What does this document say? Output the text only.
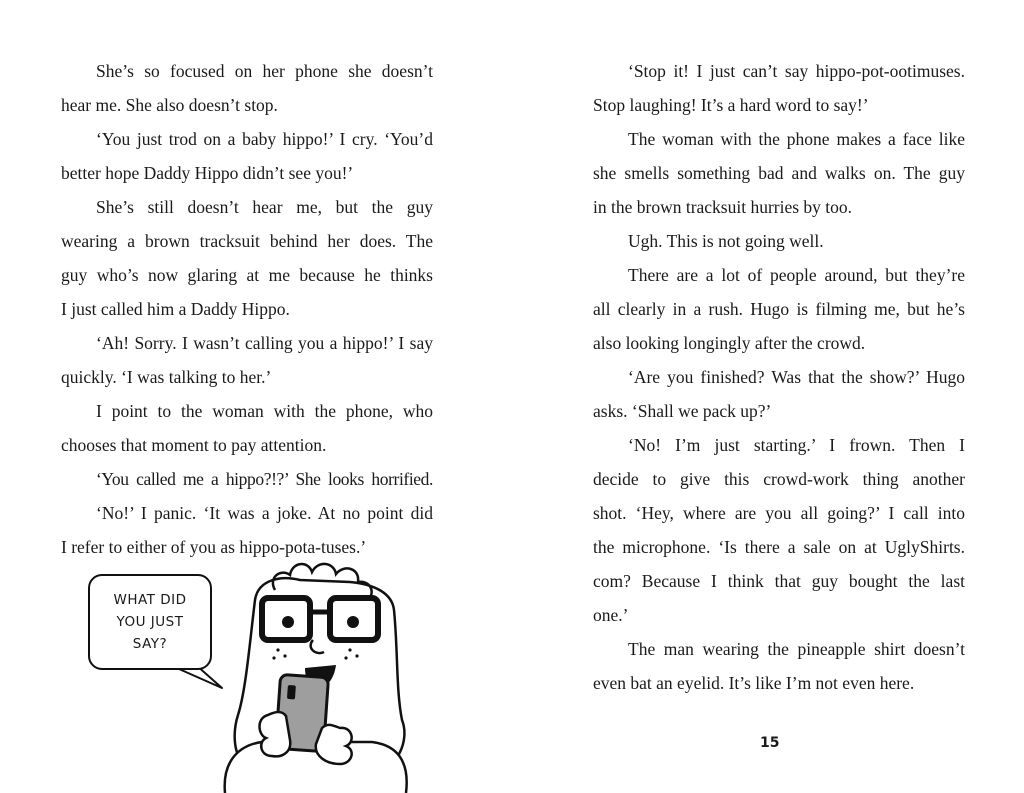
She’s so focused on her phone she doesn’t
hear me. She also doesn’t stop.
‘You just trod on a baby hippo!’ I cry. ‘You’d
better hope Daddy Hippo didn’t see you!’
She’s still doesn’t hear me, but the guy
wearing a brown tracksuit behind her does. The
guy who’s now glaring at me because he thinks
I just called him a Daddy Hippo.
‘Ah! Sorry. I wasn’t calling you a hippo!’ I say
quickly. ‘I was talking to her.’
I point to the woman with the phone, who
chooses that moment to pay attention.
‘You called me a hippo?!?’ She looks horrified.
‘No!’ I panic. ‘It was a joke. At no point did
I refer to either of you as hippo-pota-tuses.’
WHAT DID
YOU JUST
SAY?
‘Stop it! I just can’t say hippo-pot-ootimuses.
Stop laughing! It’s a hard word to say!’
The woman with the phone makes a face like
she smells something bad and walks on. The guy
in the brown tracksuit hurries by too.
Ugh. This is not going well.
There are a lot of people around, but they’re
all clearly in a rush. Hugo is filming me, but he’s
also looking longingly after the crowd.
‘Are you finished? Was that the show?’ Hugo
asks. ‘Shall we pack up?’
‘No! I’m just starting.’ I frown. Then I
decide to give this crowd-work thing another
shot. ‘Hey, where are you all going?’ I call into
the microphone. ‘Is there a sale on at UglyShirts.
com? Because I think that guy bought the last
one.’
The man wearing the pineapple shirt doesn’t
even bat an eyelid. It’s like I’m not even here.
15
